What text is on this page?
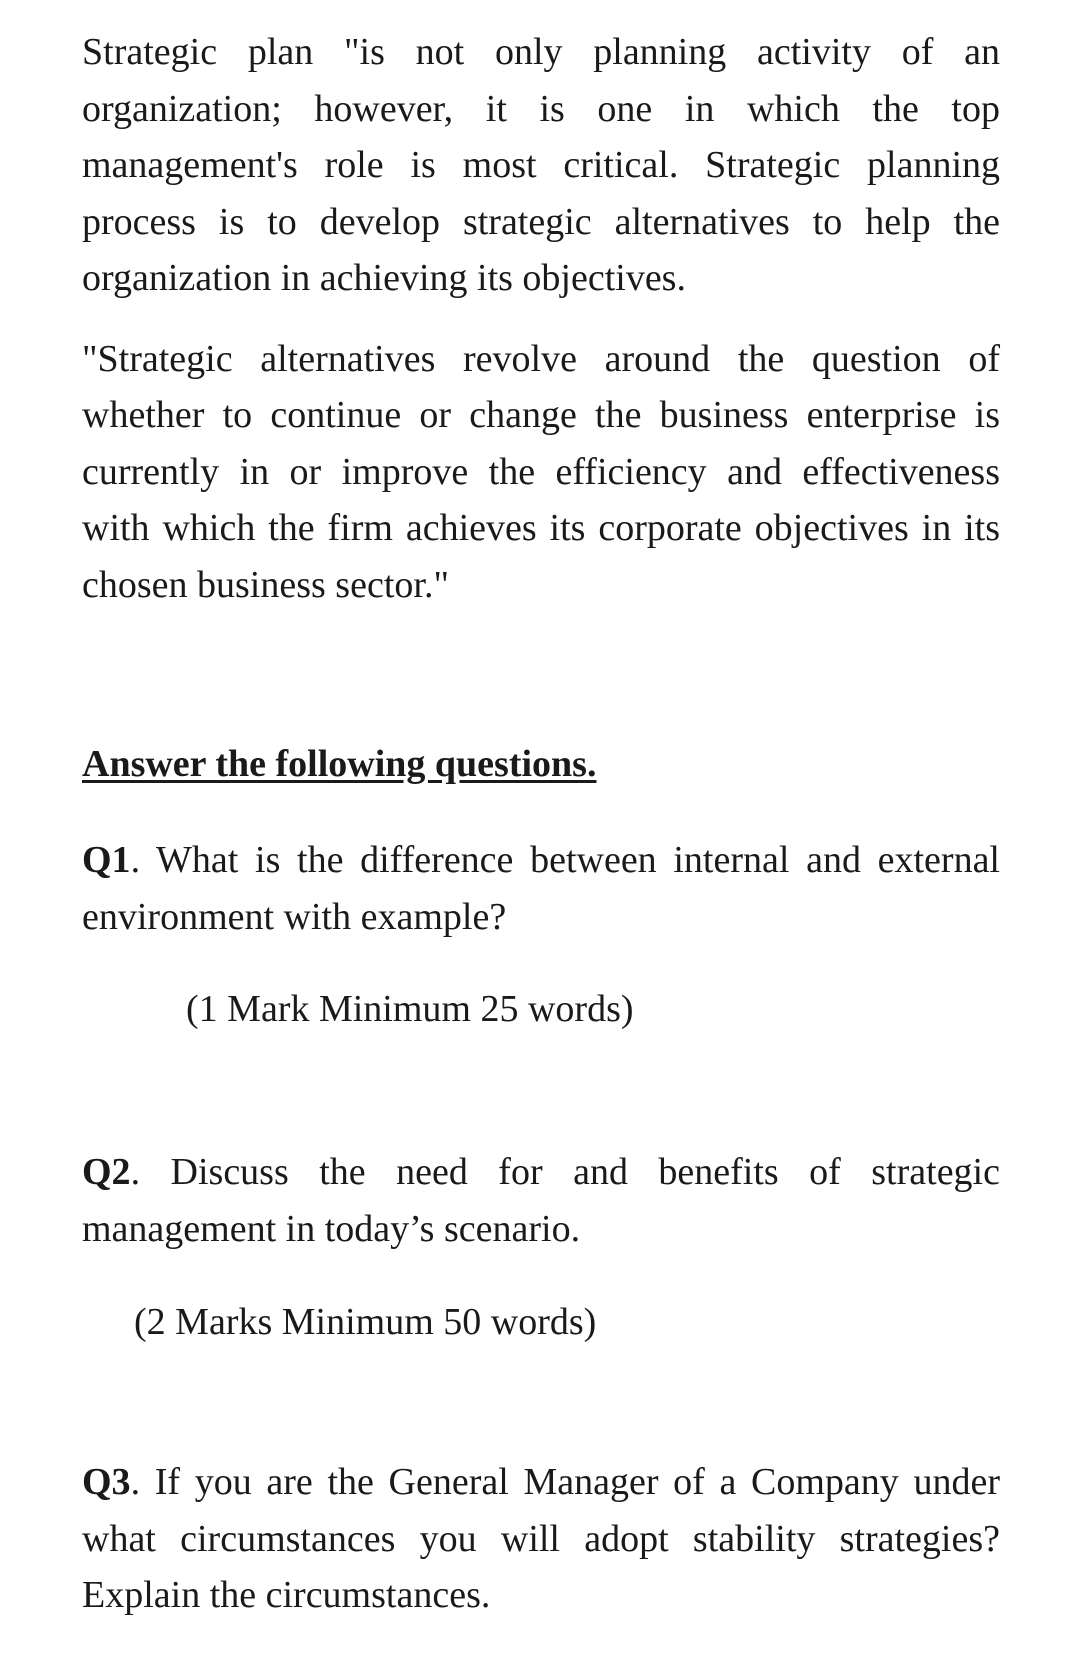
Strategic plan "is not only planning activity of an organization; however, it is one in which the top management's role is most critical. Strategic planning process is to develop strategic alternatives to help the organization in achieving its objectives.

"Strategic alternatives revolve around the question of whether to continue or change the business enterprise is currently in or improve the efficiency and effectiveness with which the firm achieves its corporate objectives in its chosen business sector."

Answer the following questions.

Q1. What is the difference between internal and external environment with example?

(1 Mark Minimum 25 words)

Q2. Discuss the need for and benefits of strategic management in today’s scenario.

(2 Marks Minimum 50 words)

Q3. If you are the General Manager of a Company under what circumstances you will adopt stability strategies? Explain the circumstances.
